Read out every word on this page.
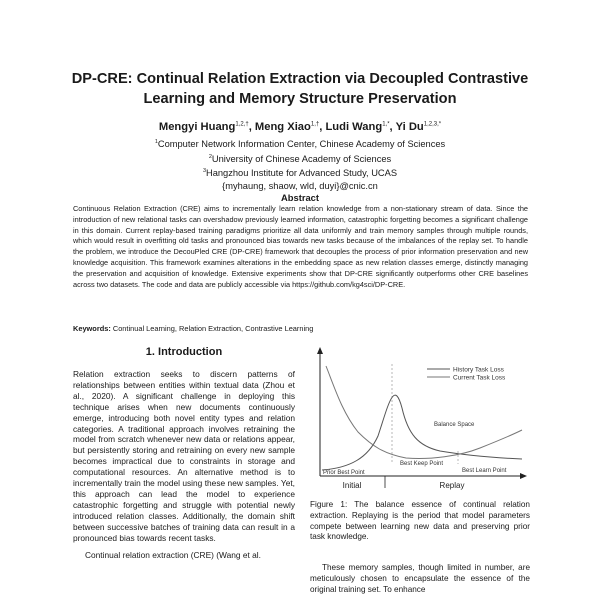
DP-CRE: Continual Relation Extraction via Decoupled Contrastive Learning and Memory Structure Preservation
Mengyi Huang$^{1,2,\dagger}$, Meng Xiao$^{1,\dagger}$, Ludi Wang$^{1,*}$, Yi $Du^{1,2,3,*}$
$^1$Computer Network Information Center, Chinese Academy of Sciences
$^2$University of Chinese Academy of Sciences
$^3$Hangzhou Institute for Advanced Study, UCAS
{myhaung, shaow, wld, duyi}@cnic.cn
Abstract

Continuous Relation Extraction (CRE) aims to incrementally learn relation knowledge from a non-stationary stream of data. Since the introduction of new relational tasks can overshadow previously learned information, catastrophic forgetting becomes a significant challenge in this domain. Current replay-based training paradigms prioritize all data uniformly and train memory samples through multiple rounds, which would result in overfitting old tasks and pronounced bias towards new tasks because of the imbalances of the replay set. To handle the problem, we introduce the DecouPled CRE (DP-CRE) framework that decouples the process of prior information preservation and new knowledge acquisition. This framework examines alterations in the embedding space as new relation classes emerge, distinctly managing the preservation and acquisition of knowledge. Extensive experiments show that DP-CRE significantly outperforms other CRE baselines across two datasets. The code and data are publicly accessible via https://github.com/kg4sci/DP-CRE.

Keywords: Continual Learning, Relation Extraction, Contrastive Learning
1. Introduction

Relation extraction seeks to discern patterns of relationships between entities within textual data (Zhou et al., 2020). A significant challenge in deploying this technique arises when new documents continuously emerge, introducing both novel entity types and relation categories. A traditional approach involves retraining the model from scratch whenever new data or relations appear, but persistently storing and retraining on every new sample becomes impractical due to constraints in storage and computational resources. An alternative method is to incrementally train the model using these new samples. Yet, this approach can lead the model to experience catastrophic forgetting and struggle with potential newly introduced relation classes. Additionally, the domain shift between successive batches of training data can result in a pronounced bias towards recent tasks.

Continual relation extraction (CRE) (Wang et al.

History Task Loss
Current Task Loss
Balance Space
Best Keep Point
Best Learn Point
Prior Best Point
Initial	Replay

Figure 1: The balance essence of continual relation extraction. Replaying is the period that model parameters compete between learning new data and preserving prior task knowledge.

These memory samples, though limited in number, are meticulously chosen to encapsulate the essence of the original training set. To enhance
